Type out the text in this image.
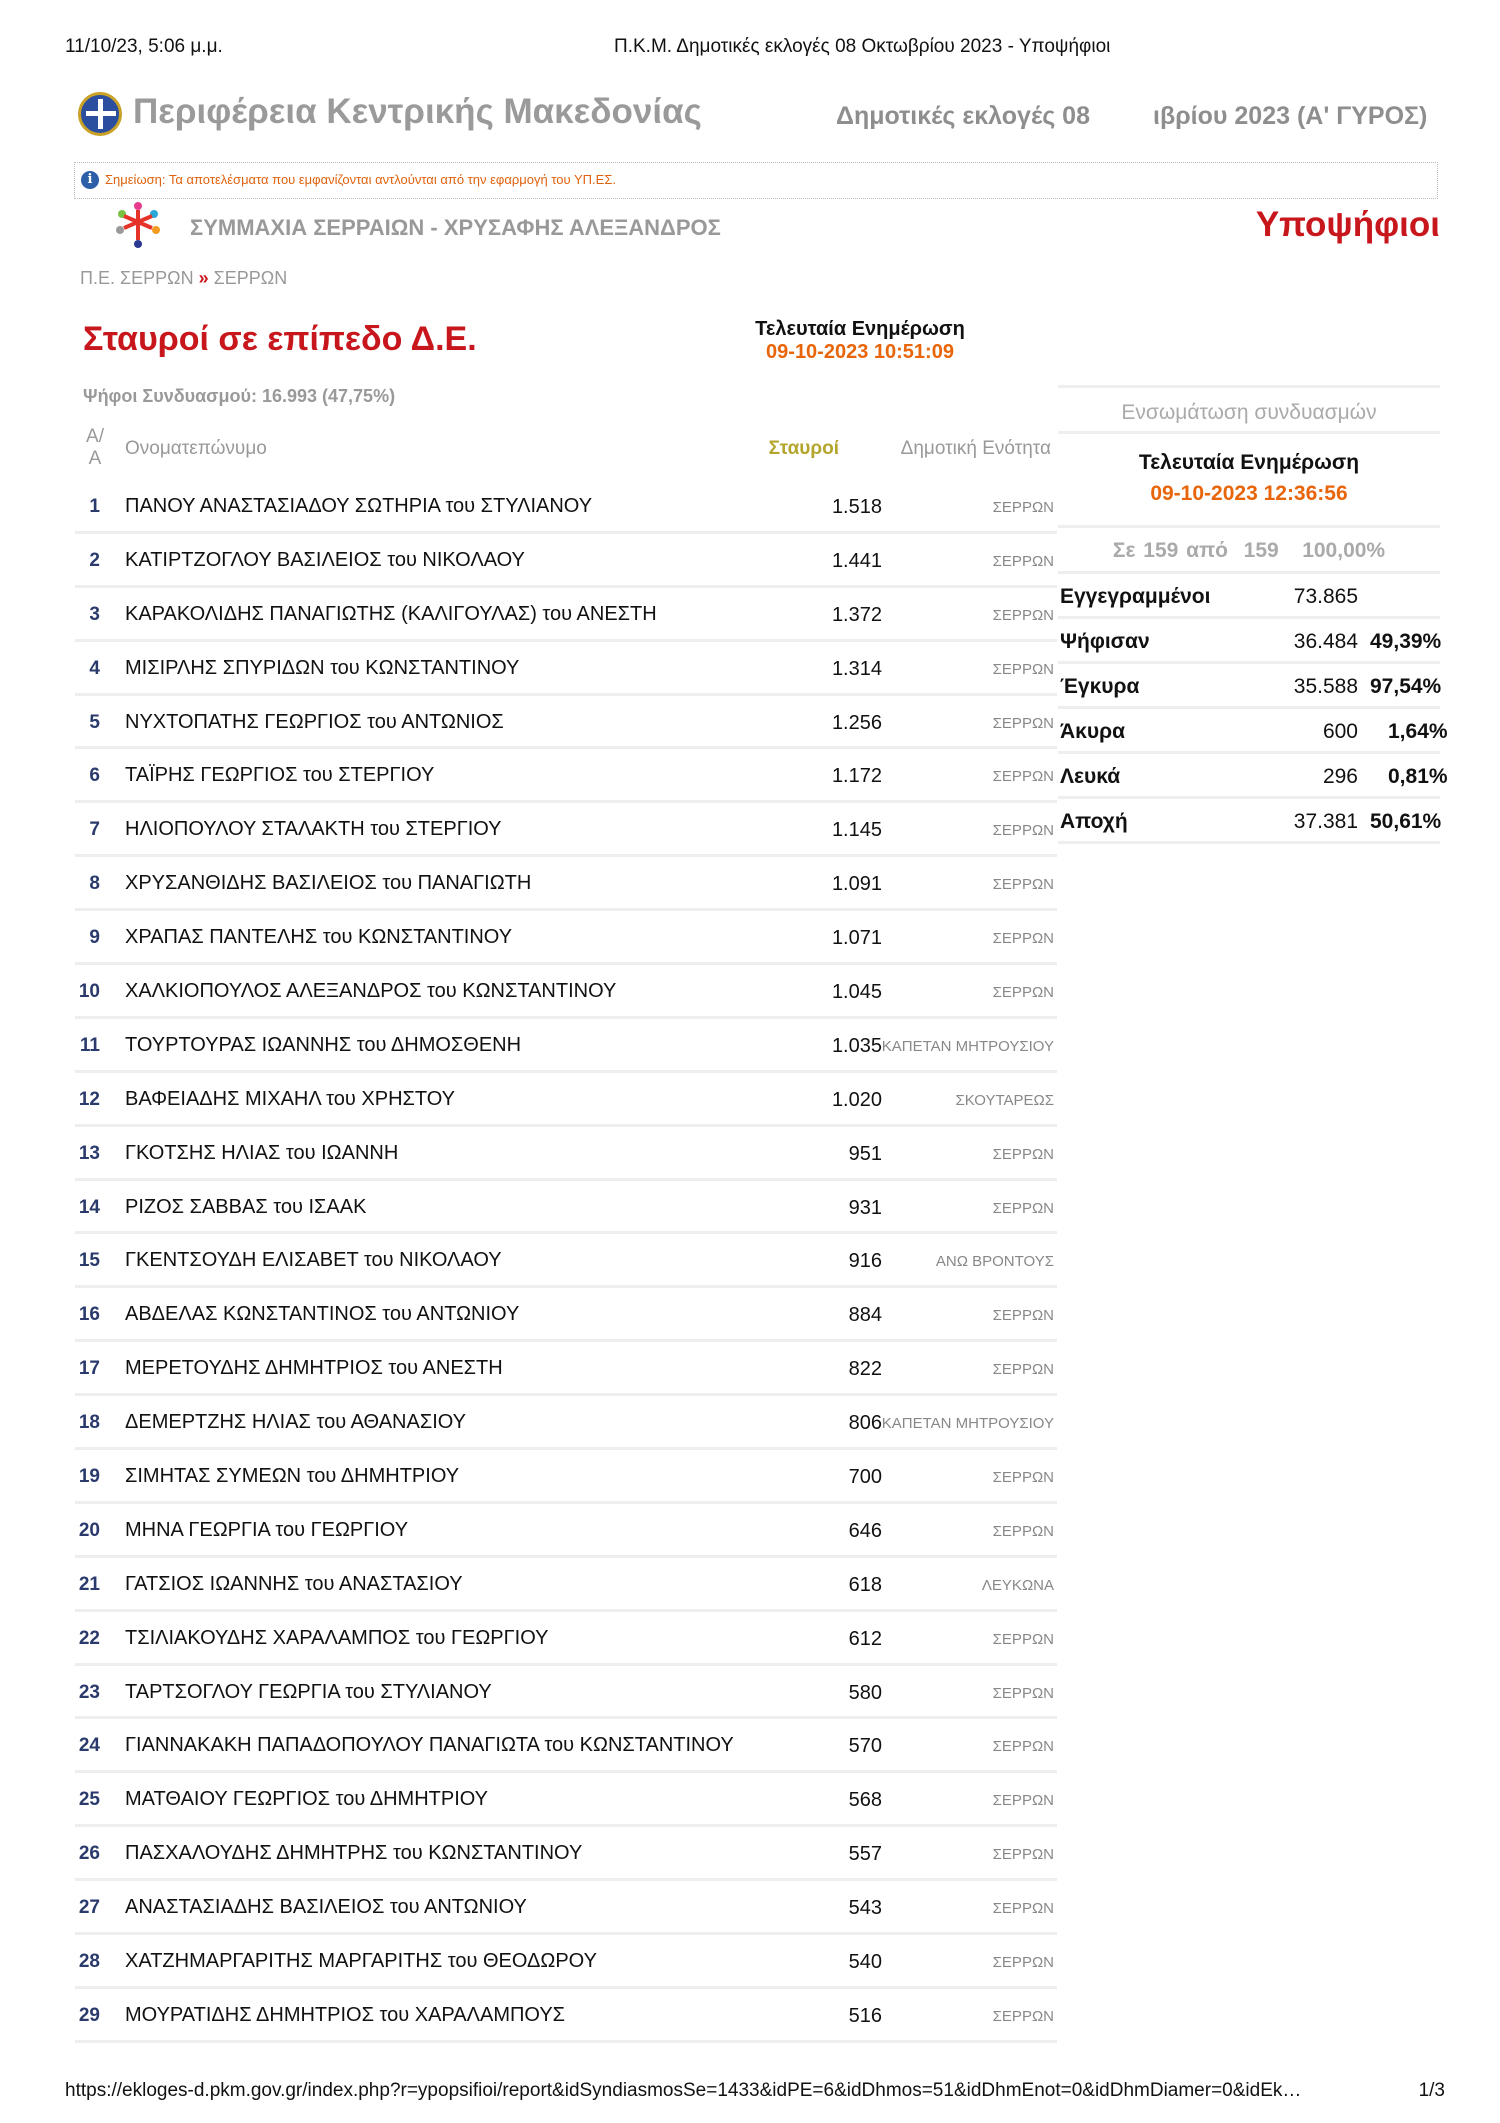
11/10/23, 5:06 μ.μ.	Π.Κ.Μ. Δημοτικές εκλογές 08 Οκτωβρίου 2023 - Υποψήφιοι
Περιφέρεια Κεντρικής Μακεδονίας	Δημοτικές εκλογές 08	ιβρίου 2023 (Α' ΓΥΡΟΣ)
i Σημείωση: Τα αποτελέσματα που εμφανίζονται αντλούνται από την εφαρμογή του ΥΠ.ΕΣ.
ΣΥΜΜΑΧΙΑ ΣΕΡΡΑΙΩΝ - ΧΡΥΣΑΦΗΣ ΑΛΕΞΑΝΔΡΟΣ	Υποψήφιοι
Π.Ε. ΣΕΡΡΩΝ » ΣΕΡΡΩΝ
Σταυροί σε επίπεδο Δ.Ε.	Τελευταία Ενημέρωση
09-10-2023 10:51:09
Ψήφοι Συνδυασμού: 16.993 (47,75%)
Α/
Α Ονοματεπώνυμο	Σταυροί	Δημοτική Ενότητα
1 ΠΑΝΟΥ ΑΝΑΣΤΑΣΙΑΔΟΥ ΣΩΤΗΡΙΑ του ΣΤΥΛΙΑΝΟΥ	1.518	ΣΕΡΡΩΝ
2 ΚΑΤΙΡΤΖΟΓΛΟΥ ΒΑΣΙΛΕΙΟΣ του ΝΙΚΟΛΑΟΥ	1.441	ΣΕΡΡΩΝ
3 ΚΑΡΑΚΟΛΙΔΗΣ ΠΑΝΑΓΙΩΤΗΣ (ΚΑΛΙΓΟΥΛΑΣ) του ΑΝΕΣΤΗ	1.372	ΣΕΡΡΩΝ
4 ΜΙΣΙΡΛΗΣ ΣΠΥΡΙΔΩΝ του ΚΩΝΣΤΑΝΤΙΝΟΥ	1.314	ΣΕΡΡΩΝ
5 ΝΥΧΤΟΠΑΤΗΣ ΓΕΩΡΓΙΟΣ του ΑΝΤΩΝΙΟΣ	1.256	ΣΕΡΡΩΝ
6 ΤΑΪΡΗΣ ΓΕΩΡΓΙΟΣ του ΣΤΕΡΓΙΟΥ	1.172	ΣΕΡΡΩΝ
7 ΗΛΙΟΠΟΥΛΟΥ ΣΤΑΛΑΚΤΗ του ΣΤΕΡΓΙΟΥ	1.145	ΣΕΡΡΩΝ
8 ΧΡΥΣΑΝΘΙΔΗΣ ΒΑΣΙΛΕΙΟΣ του ΠΑΝΑΓΙΩΤΗ	1.091	ΣΕΡΡΩΝ
9 ΧΡΑΠΑΣ ΠΑΝΤΕΛΗΣ του ΚΩΝΣΤΑΝΤΙΝΟΥ	1.071	ΣΕΡΡΩΝ
10 ΧΑΛΚΙΟΠΟΥΛΟΣ ΑΛΕΞΑΝΔΡΟΣ του ΚΩΝΣΤΑΝΤΙΝΟΥ	1.045	ΣΕΡΡΩΝ
11 ΤΟΥΡΤΟΥΡΑΣ ΙΩΑΝΝΗΣ του ΔΗΜΟΣΘΕΝΗ	1.035 ΚΑΠΕΤΑΝ ΜΗΤΡΟΥΣΙΟΥ
12 ΒΑΦΕΙΑΔΗΣ ΜΙΧΑΗΛ του ΧΡΗΣΤΟΥ	1.020	ΣΚΟΥΤΑΡΕΩΣ
13 ΓΚΟΤΣΗΣ ΗΛΙΑΣ του ΙΩΑΝΝΗ	951	ΣΕΡΡΩΝ
14 ΡΙΖΟΣ ΣΑΒΒΑΣ του ΙΣΑΑΚ	931	ΣΕΡΡΩΝ
15 ΓΚΕΝΤΣΟΥΔΗ ΕΛΙΣΑΒΕΤ του ΝΙΚΟΛΑΟΥ	916	ΑΝΩ ΒΡΟΝΤΟΥΣ
16 ΑΒΔΕΛΑΣ ΚΩΝΣΤΑΝΤΙΝΟΣ του ΑΝΤΩΝΙΟΥ	884	ΣΕΡΡΩΝ
17 ΜΕΡΕΤΟΥΔΗΣ ΔΗΜΗΤΡΙΟΣ του ΑΝΕΣΤΗ	822	ΣΕΡΡΩΝ
18 ΔΕΜΕΡΤΖΗΣ ΗΛΙΑΣ του ΑΘΑΝΑΣΙΟΥ	806 ΚΑΠΕΤΑΝ ΜΗΤΡΟΥΣΙΟΥ
19 ΣΙΜΗΤΑΣ ΣΥΜΕΩΝ του ΔΗΜΗΤΡΙΟΥ	700	ΣΕΡΡΩΝ
20 ΜΗΝΑ ΓΕΩΡΓΙΑ του ΓΕΩΡΓΙΟΥ	646	ΣΕΡΡΩΝ
21 ΓΑΤΣΙΟΣ ΙΩΑΝΝΗΣ του ΑΝΑΣΤΑΣΙΟΥ	618	ΛΕΥΚΩΝΑ
22 ΤΣΙΛΙΑΚΟΥΔΗΣ ΧΑΡΑΛΑΜΠΟΣ του ΓΕΩΡΓΙΟΥ	612	ΣΕΡΡΩΝ
23 ΤΑΡΤΣΟΓΛΟΥ ΓΕΩΡΓΙΑ του ΣΤΥΛΙΑΝΟΥ	580	ΣΕΡΡΩΝ
24 ΓΙΑΝΝΑΚΑΚΗ ΠΑΠΑΔΟΠΟΥΛΟΥ ΠΑΝΑΓΙΩΤΑ του ΚΩΝΣΤΑΝΤΙΝΟΥ	570	ΣΕΡΡΩΝ
25 ΜΑΤΘΑΙΟΥ ΓΕΩΡΓΙΟΣ του ΔΗΜΗΤΡΙΟΥ	568	ΣΕΡΡΩΝ
26 ΠΑΣΧΑΛΟΥΔΗΣ ΔΗΜΗΤΡΗΣ του ΚΩΝΣΤΑΝΤΙΝΟΥ	557	ΣΕΡΡΩΝ
27 ΑΝΑΣΤΑΣΙΑΔΗΣ ΒΑΣΙΛΕΙΟΣ του ΑΝΤΩΝΙΟΥ	543	ΣΕΡΡΩΝ
28 ΧΑΤΖΗΜΑΡΓΑΡΙΤΗΣ ΜΑΡΓΑΡΙΤΗΣ του ΘΕΟΔΩΡΟΥ	540	ΣΕΡΡΩΝ
29 ΜΟΥΡΑΤΙΔΗΣ ΔΗΜΗΤΡΙΟΣ του ΧΑΡΑΛΑΜΠΟΥΣ	516	ΣΕΡΡΩΝ
Ενσωμάτωση συνδυασμών
Τελευταία Ενημέρωση
09-10-2023 12:36:56
Σε 159 από  159   100,00%
Εγγεγραμμένοι	73.865
Ψήφισαν	36.484 49,39%
Έγκυρα	35.588 97,54%
Άκυρα	600 1,64%
Λευκά	296 0,81%
Αποχή	37.381 50,61%
https://ekloges-d.pkm.gov.gr/index.php?r=ypopsifioi/report&idSyndiasmosSe=1433&idPE=6&idDhmos=51&idDhmEnot=0&idDhmDiamer=0&idEk…	1/3
